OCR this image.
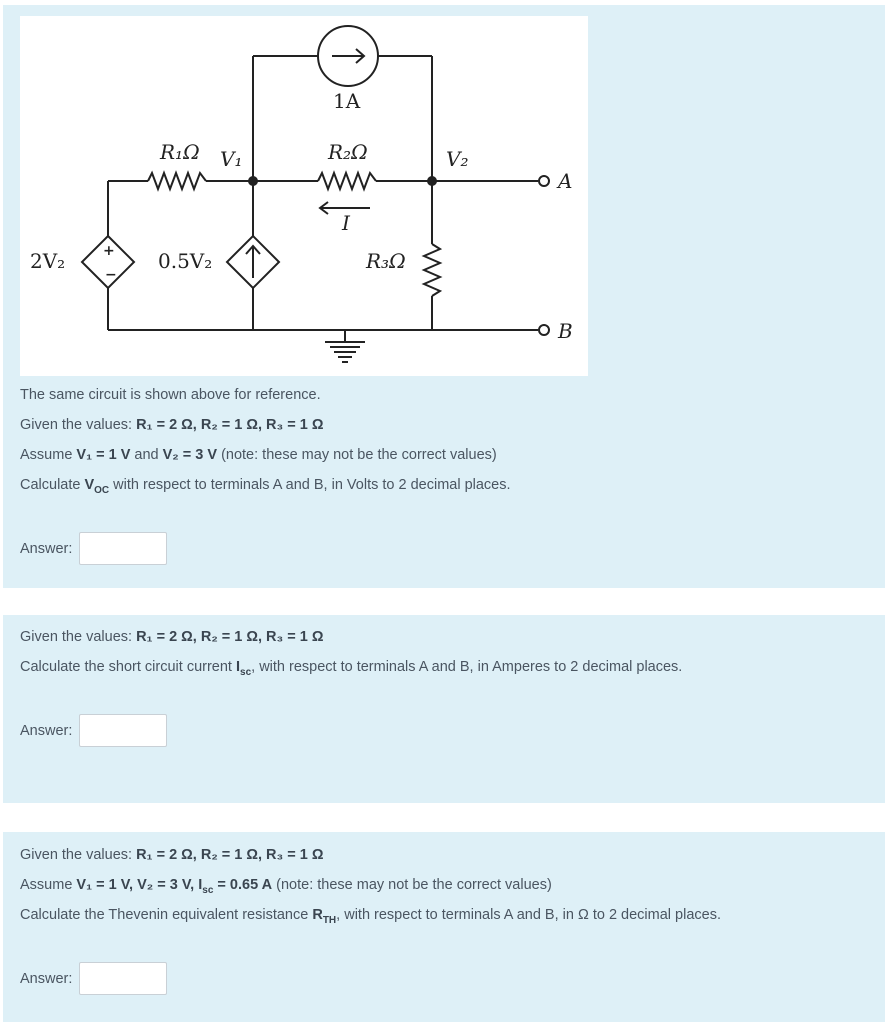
+
−
1A
R₁Ω V₁	R₂Ω	V₂
A
I
2V₂	0.5V₂	R₃Ω
B
The same circuit is shown above for reference.
Given the values: R₁ = 2 Ω, R₂ = 1 Ω, R₃ = 1 Ω
Assume V₁ = 1 V and V₂ = 3 V (note: these may not be the correct values)
Calculate $V_{OC}$ with respect to terminals A and B, in Volts to 2 decimal places.
Answer:
Given the values: R₁ = 2 Ω, R₂ = 1 Ω, R₃ = 1 Ω
Calculate the short circuit current $I_{sc}$, with respect to terminals A and B, in Amperes to 2 decimal places.
Answer:
Given the values: R₁ = 2 Ω, R₂ = 1 Ω, R₃ = 1 Ω
Assume V₁ = 1 V, V₂ = 3 V, $I_{sc} = 0.65$ A (note: these may not be the correct values)
Calculate the Thevenin equivalent resistance $R_{TH}$, with respect to terminals A and B, in Ω to 2 decimal places.
Answer:
